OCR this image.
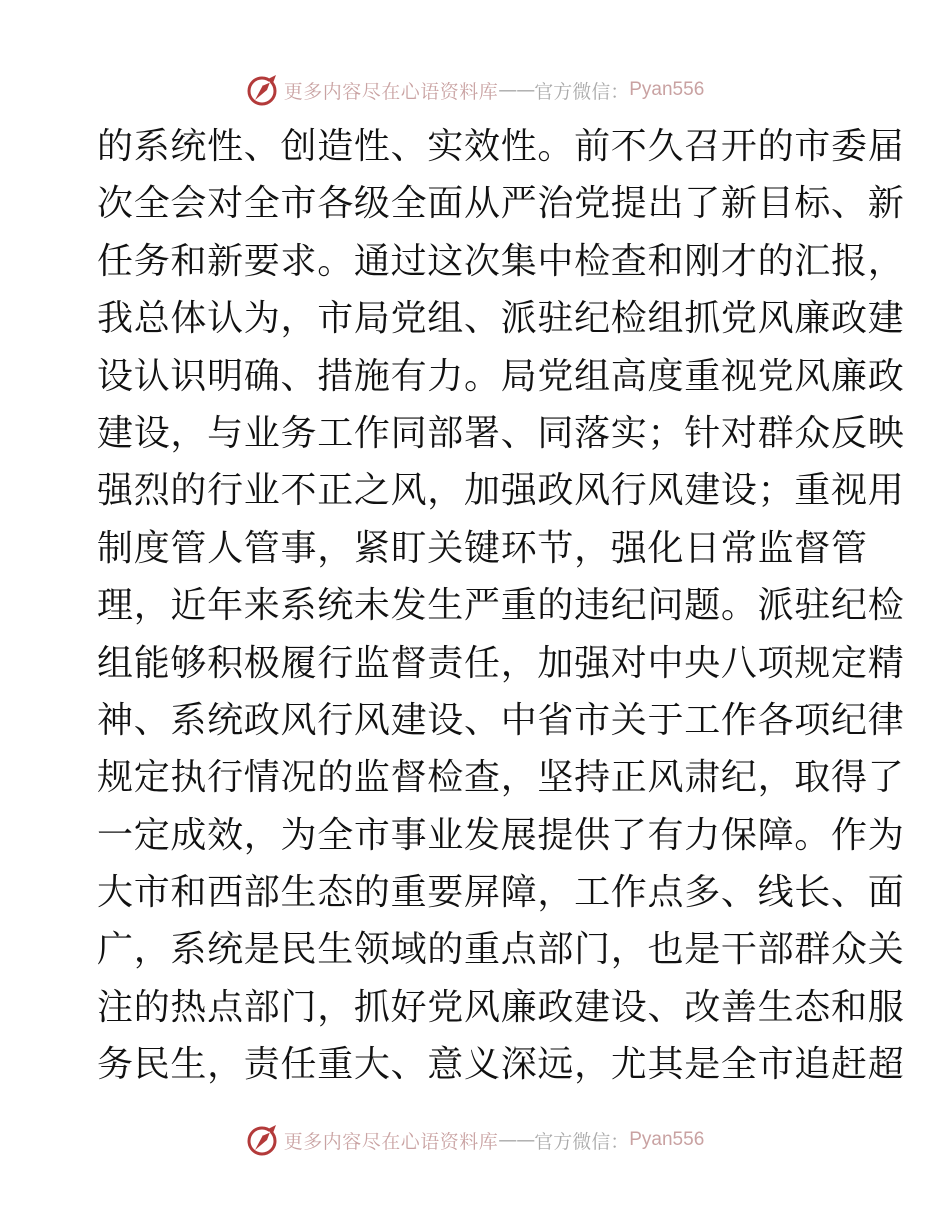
更多内容尽在心语资料库 —— 官方微信： Pyan556
的系统性、创造性、实效性。前不久召开的市委届
次全会对全市各级全面从严治党提出了新目标、新
任务和新要求。通过这次集中检查和刚才的汇报，
我总体认为，市局党组、派驻纪检组抓党风廉政建
设认识明确、措施有力。局党组高度重视党风廉政
建设，与业务工作同部署、同落实；针对群众反映
强烈的行业不正之风，加强政风行风建设；重视用
制度管人管事，紧盯关键环节，强化日常监督管
理，近年来系统未发生严重的违纪问题。派驻纪检
组能够积极履行监督责任，加强对中央八项规定精
神、系统政风行风建设、中省市关于工作各项纪律
规定执行情况的监督检查，坚持正风肃纪，取得了
一定成效，为全市事业发展提供了有力保障。作为
大市和西部生态的重要屏障，工作点多、线长、面
广，系统是民生领域的重点部门，也是干部群众关
注的热点部门，抓好党风廉政建设、改善生态和服
务民生，责任重大、意义深远，尤其是全市追赶超
更多内容尽在心语资料库 —— 官方微信： Pyan556
